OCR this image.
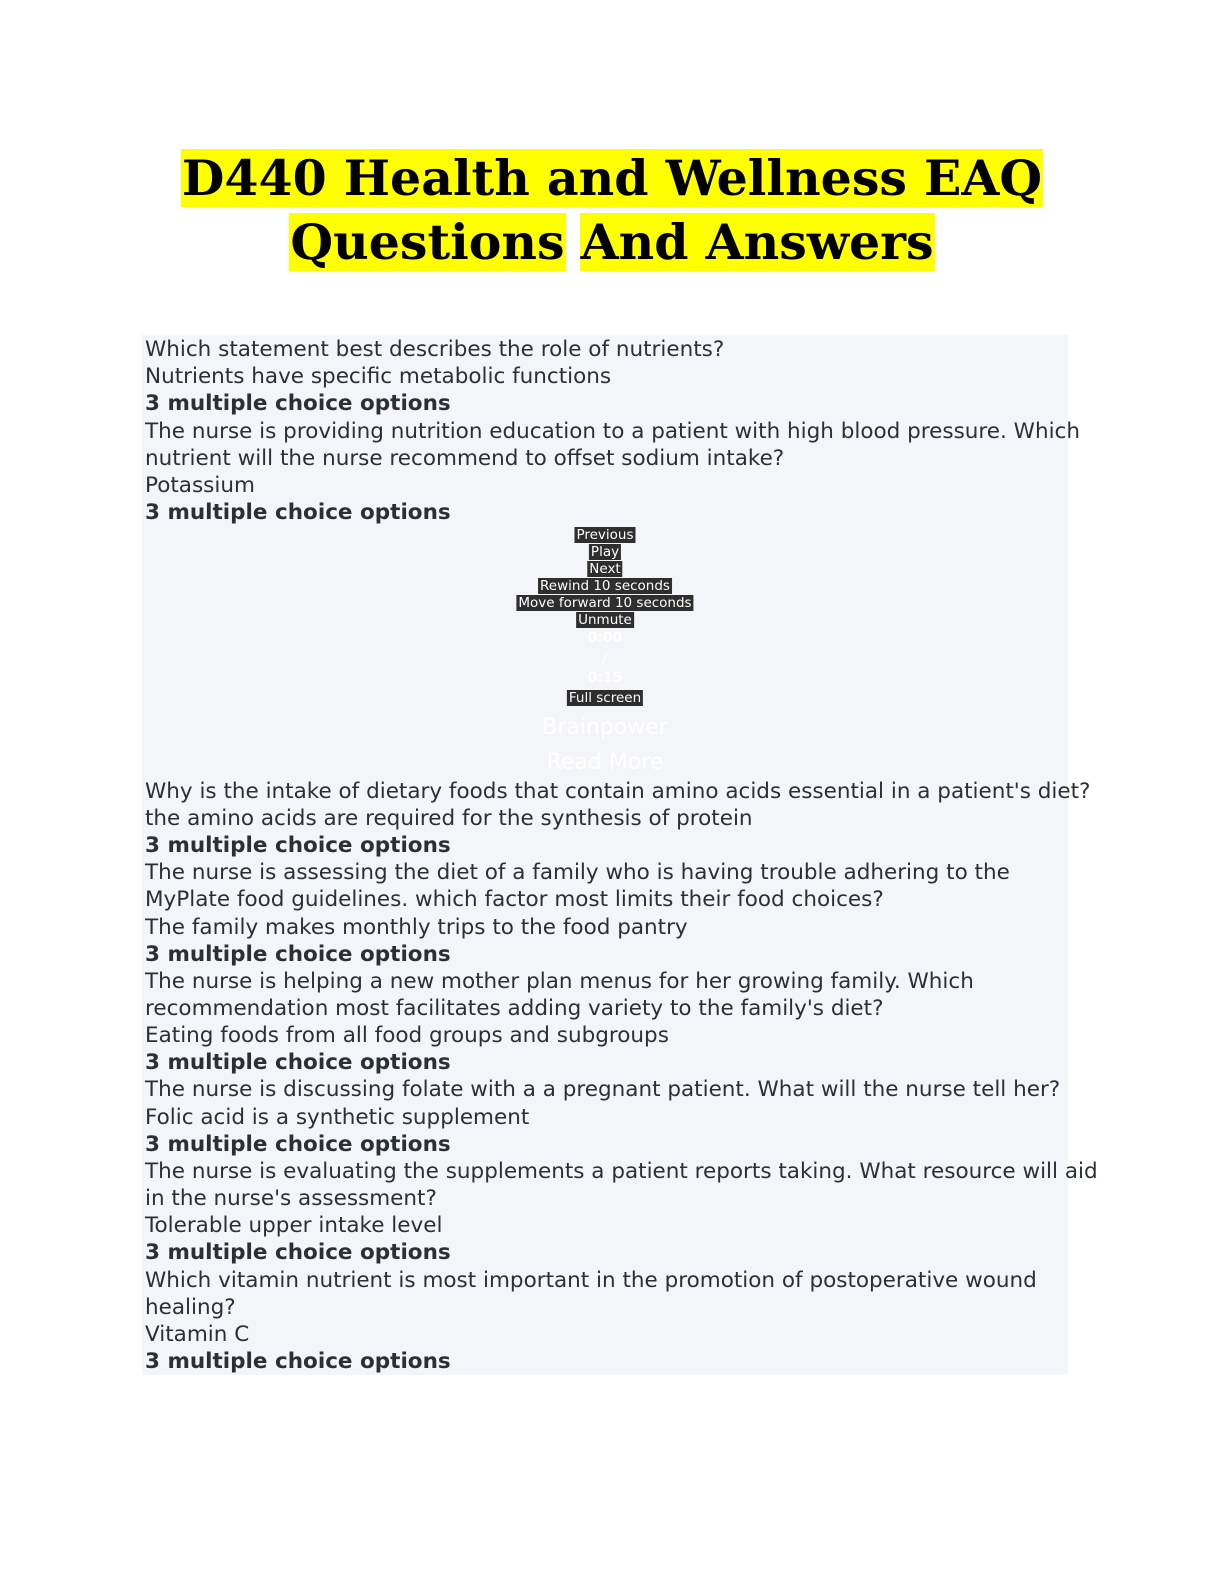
D440 Health and Wellness EAQ
Questions And Answers
Which statement best describes the role of nutrients?
Nutrients have specific metabolic functions
3 multiple choice options
The nurse is providing nutrition education to a patient with high blood pressure. Which
nutrient will the nurse recommend to offset sodium intake?
Potassium
3 multiple choice options
Previous
Play
Next
Rewind 10 seconds
Move forward 10 seconds
Unmute
0:00
/
0:15
Full screen
Brainpower
Read More
Why is the intake of dietary foods that contain amino acids essential in a patient's diet?
the amino acids are required for the synthesis of protein
3 multiple choice options
The nurse is assessing the diet of a family who is having trouble adhering to the
MyPlate food guidelines. which factor most limits their food choices?
The family makes monthly trips to the food pantry
3 multiple choice options
The nurse is helping a new mother plan menus for her growing family. Which
recommendation most facilitates adding variety to the family's diet?
Eating foods from all food groups and subgroups
3 multiple choice options
The nurse is discussing folate with a a pregnant patient. What will the nurse tell her?
Folic acid is a synthetic supplement
3 multiple choice options
The nurse is evaluating the supplements a patient reports taking. What resource will aid
in the nurse's assessment?
Tolerable upper intake level
3 multiple choice options
Which vitamin nutrient is most important in the promotion of postoperative wound
healing?
Vitamin C
3 multiple choice options
